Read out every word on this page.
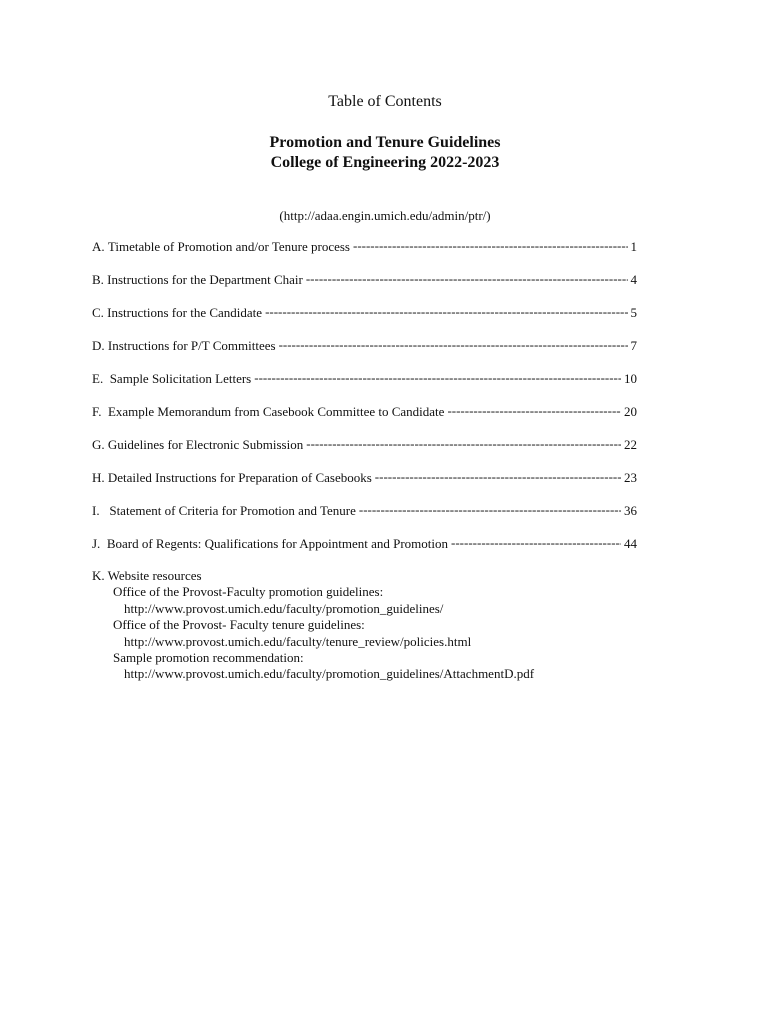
Table of Contents
Promotion and Tenure Guidelines
College of Engineering 2022-2023
(http://adaa.engin.umich.edu/admin/ptr/)
A.
Timetable of Promotion and/or Tenure process -----	1
B.
Instructions for the Department Chair -----	4
C.
Instructions for the Candidate -----	5
D.
Instructions for P/T Committees -----	7
E.
Sample Solicitation Letters -----	10
F.
Example Memorandum from Casebook Committee to Candidate -----	20
G.
Guidelines for Electronic Submission -----	22
H.
Detailed Instructions for Preparation of Casebooks -----	23
I.
Statement of Criteria for Promotion and Tenure -----	36
J.
Board of Regents: Qualifications for Appointment and Promotion -----	44
K. Website resources
Office of the Provost-Faculty promotion guidelines:
http://www.provost.umich.edu/faculty/promotion_guidelines/
Office of the Provost- Faculty tenure guidelines:
http://www.provost.umich.edu/faculty/tenure_review/policies.html
Sample promotion recommendation:
http://www.provost.umich.edu/faculty/promotion_guidelines/AttachmentD.pdf
